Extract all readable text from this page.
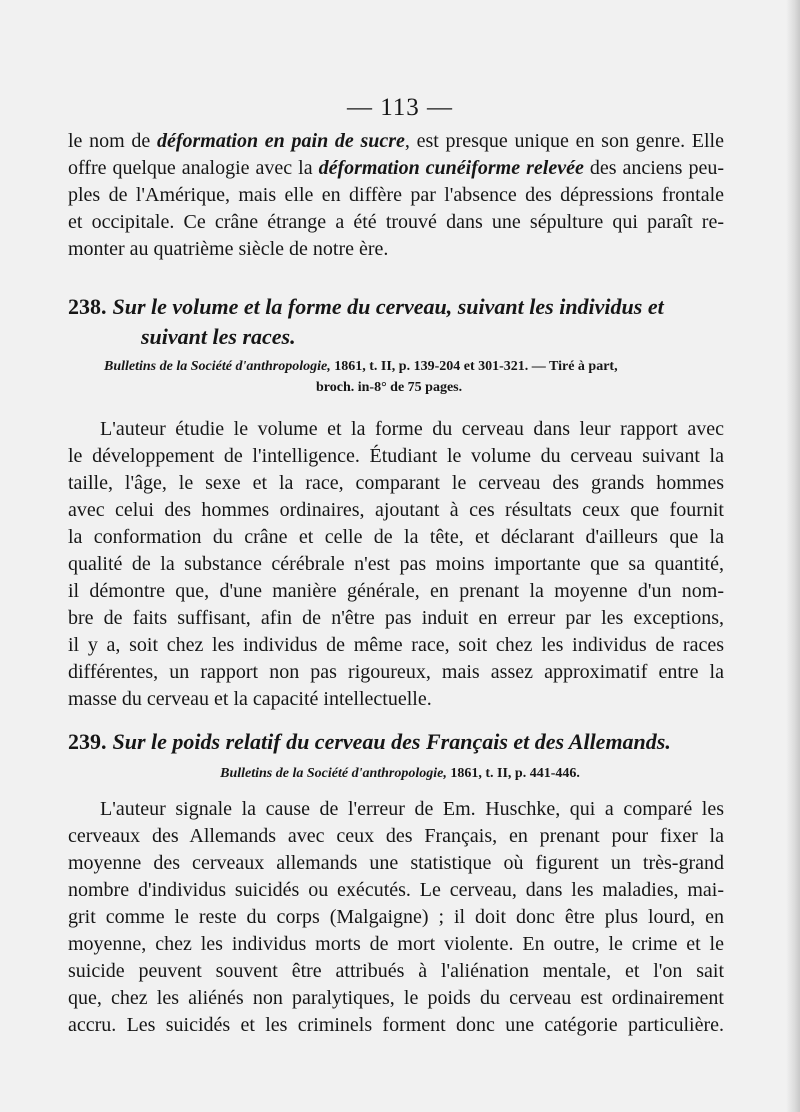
— 113 —
le nom de déformation en pain de sucre, est presque unique en son genre. Elle
offre quelque analogie avec la déformation cunéiforme relevée des anciens peu-
ples de l'Amérique, mais elle en diffère par l'absence des dépressions frontale
et occipitale. Ce crâne étrange a été trouvé dans une sépulture qui paraît re-
monter au quatrième siècle de notre ère.
238. Sur le volume et la forme du cerveau, suivant les individus et
suivant les races.
Bulletins de la Société d'anthropologie, 1861, t. II, p. 139-204 et 301-321. — Tiré à part,
broch. in-8° de 75 pages.
L'auteur étudie le volume et la forme du cerveau dans leur rapport avec
le développement de l'intelligence. Étudiant le volume du cerveau suivant la
taille, l'âge, le sexe et la race, comparant le cerveau des grands hommes
avec celui des hommes ordinaires, ajoutant à ces résultats ceux que fournit
la conformation du crâne et celle de la tête, et déclarant d'ailleurs que la
qualité de la substance cérébrale n'est pas moins importante que sa quantité,
il démontre que, d'une manière générale, en prenant la moyenne d'un nom-
bre de faits suffisant, afin de n'être pas induit en erreur par les exceptions,
il y a, soit chez les individus de même race, soit chez les individus de races
différentes, un rapport non pas rigoureux, mais assez approximatif entre la
masse du cerveau et la capacité intellectuelle.
239. Sur le poids relatif du cerveau des Français et des Allemands.
Bulletins de la Société d'anthropologie, 1861, t. II, p. 441-446.
L'auteur signale la cause de l'erreur de Em. Huschke, qui a comparé les
cerveaux des Allemands avec ceux des Français, en prenant pour fixer la
moyenne des cerveaux allemands une statistique où figurent un très-grand
nombre d'individus suicidés ou exécutés. Le cerveau, dans les maladies, mai-
grit comme le reste du corps (Malgaigne) ; il doit donc être plus lourd, en
moyenne, chez les individus morts de mort violente. En outre, le crime et le
suicide peuvent souvent être attribués à l'aliénation mentale, et l'on sait
que, chez les aliénés non paralytiques, le poids du cerveau est ordinairement
accru. Les suicidés et les criminels forment donc une catégorie particulière.
